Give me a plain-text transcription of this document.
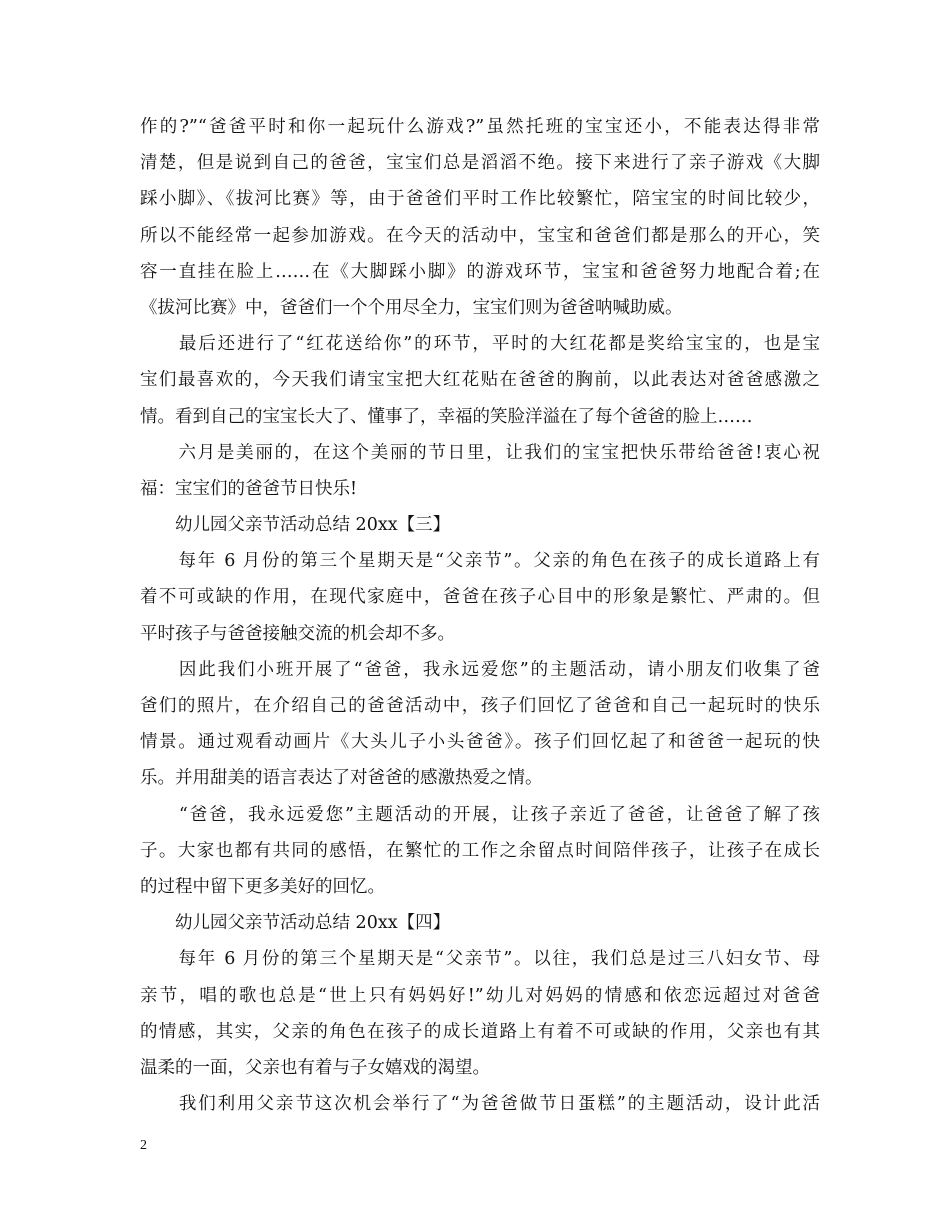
作的?”“爸爸平时和你一起玩什么游戏?”虽然托班的宝宝还小，不能表达得非常
清楚，但是说到自己的爸爸，宝宝们总是滔滔不绝。接下来进行了亲子游戏《大脚
踩小脚》、《拔河比赛》等，由于爸爸们平时工作比较繁忙，陪宝宝的时间比较少，
所以不能经常一起参加游戏。在今天的活动中，宝宝和爸爸们都是那么的开心，笑
容一直挂在脸上……在《大脚踩小脚》的游戏环节，宝宝和爸爸努力地配合着;在
《拔河比赛》中，爸爸们一个个用尽全力，宝宝们则为爸爸呐喊助威。
　　最后还进行了“红花送给你”的环节，平时的大红花都是奖给宝宝的，也是宝
宝们最喜欢的，今天我们请宝宝把大红花贴在爸爸的胸前，以此表达对爸爸感激之
情。看到自己的宝宝长大了、懂事了，幸福的笑脸洋溢在了每个爸爸的脸上……
　　六月是美丽的，在这个美丽的节日里，让我们的宝宝把快乐带给爸爸!衷心祝
福：宝宝们的爸爸节日快乐!
　　幼儿园父亲节活动总结 20xx【三】
　　每年 6 月份的第三个星期天是“父亲节”。父亲的角色在孩子的成长道路上有
着不可或缺的作用，在现代家庭中，爸爸在孩子心目中的形象是繁忙、严肃的。但
平时孩子与爸爸接触交流的机会却不多。
　　因此我们小班开展了“爸爸，我永远爱您”的主题活动，请小朋友们收集了爸
爸们的照片，在介绍自己的爸爸活动中，孩子们回忆了爸爸和自己一起玩时的快乐
情景。通过观看动画片《大头儿子小头爸爸》。孩子们回忆起了和爸爸一起玩的快
乐。并用甜美的语言表达了对爸爸的感激热爱之情。
　　“爸爸，我永远爱您”主题活动的开展，让孩子亲近了爸爸，让爸爸了解了孩
子。大家也都有共同的感悟，在繁忙的工作之余留点时间陪伴孩子，让孩子在成长
的过程中留下更多美好的回忆。
　　幼儿园父亲节活动总结 20xx【四】
　　每年 6 月份的第三个星期天是“父亲节”。以往，我们总是过三八妇女节、母
亲节，唱的歌也总是“世上只有妈妈好!”幼儿对妈妈的情感和依恋远超过对爸爸
的情感，其实，父亲的角色在孩子的成长道路上有着不可或缺的作用，父亲也有其
温柔的一面，父亲也有着与子女嬉戏的渴望。
　　我们利用父亲节这次机会举行了“为爸爸做节日蛋糕”的主题活动，设计此活
2
